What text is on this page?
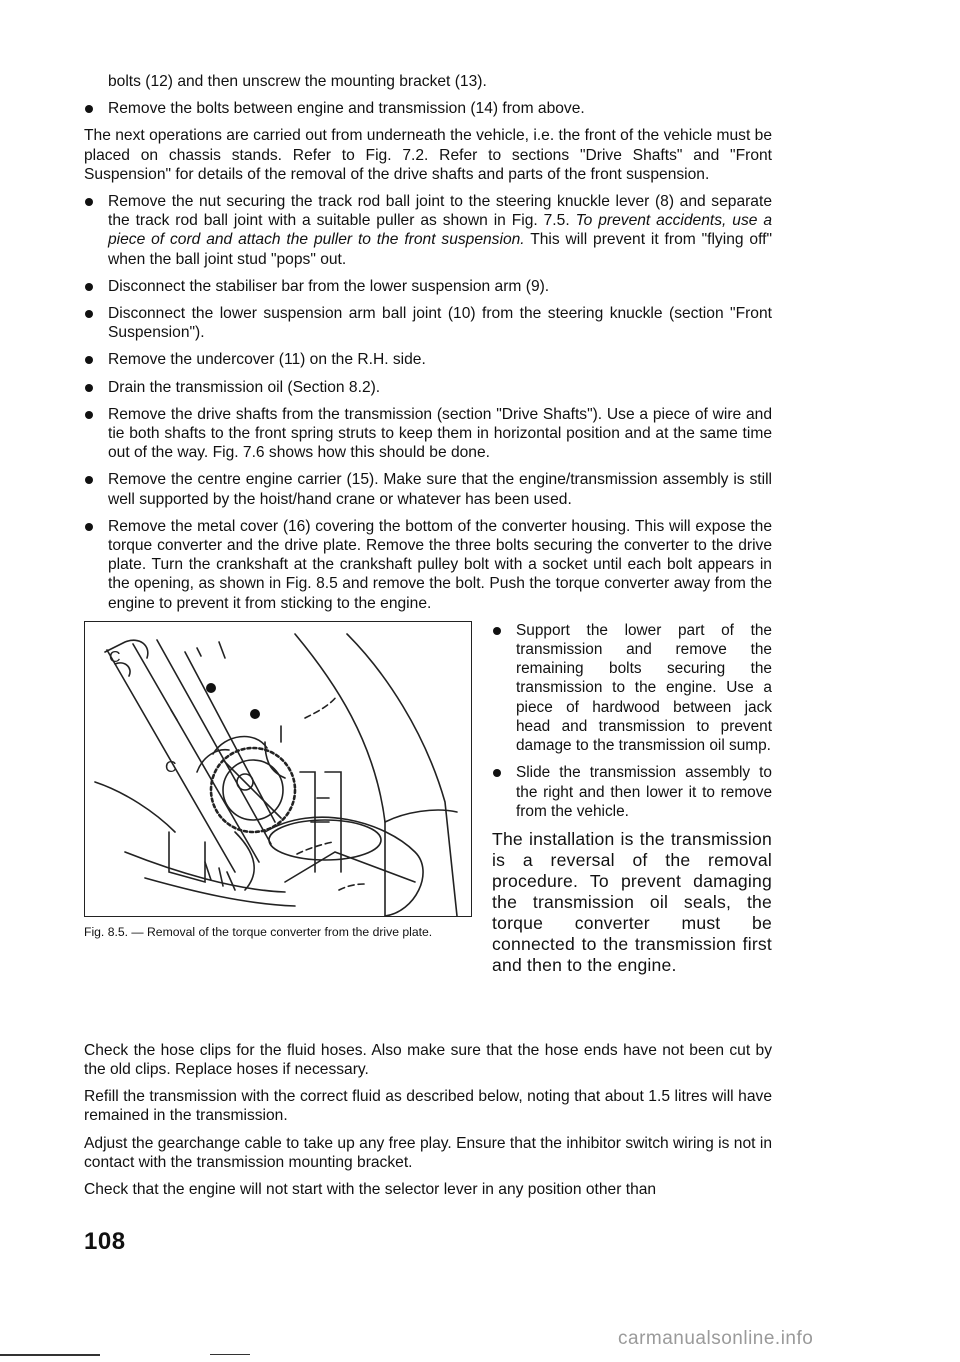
bolts (12) and then unscrew the mounting bracket (13).

Remove the bolts between engine and transmission (14) from above.

The next operations are carried out from underneath the vehicle, i.e. the front of the vehicle must be placed on chassis stands. Refer to Fig. 7.2. Refer to sections "Drive Shafts" and "Front Suspension" for details of the removal of the drive shafts and parts of the front suspension.

Remove the nut securing the track rod ball joint to the steering knuckle lever (8) and separate the track rod ball joint with a suitable puller as shown in Fig. 7.5. To prevent accidents, use a piece of cord and attach the puller to the front suspension. This will prevent it from "flying off" when the ball joint stud "pops" out.
Disconnect the stabiliser bar from the lower suspension arm (9).
Disconnect the lower suspension arm ball joint (10) from the steering knuckle (section "Front Suspension").
Remove the undercover (11) on the R.H. side.
Drain the transmission oil (Section 8.2).
Remove the drive shafts from the transmission (section "Drive Shafts"). Use a piece of wire and tie both shafts to the front spring struts to keep them in horizontal position and at the same time out of the way. Fig. 7.6 shows how this should be done.
Remove the centre engine carrier (15). Make sure that the engine/transmission assembly is still well supported by the hoist/hand crane or whatever has been used.
Remove the metal cover (16) covering the bottom of the converter housing. This will expose the torque converter and the drive plate. Remove the three bolts securing the converter to the drive plate. Turn the crankshaft at the crankshaft pulley bolt with a socket until each bolt appears in the opening, as shown in Fig. 8.5 and remove the bolt. Push the torque converter away from the engine to prevent it from sticking to the engine.
C
C

Fig. 8.5. — Removal of the torque converter from the drive plate.

Support the lower part of the transmission and remove the remaining bolts securing the transmission to the engine. Use a piece of hardwood between jack head and transmission to prevent damage to the transmission oil sump.
Slide the transmission assembly to the right and then lower it to remove from the vehicle.

The installation is the transmission is a reversal of the removal procedure. To prevent damaging the transmission oil seals, the torque converter must be connected to the transmission first and then to the engine.

Check the hose clips for the fluid hoses. Also make sure that the hose ends have not been cut by the old clips. Replace hoses if necessary.

Refill the transmission with the correct fluid as described below, noting that about 1.5 litres will have remained in the transmission.

Adjust the gearchange cable to take up any free play. Ensure that the inhibitor switch wiring is not in contact with the transmission mounting bracket.

Check that the engine will not start with the selector lever in any position other than

108
carmanualsonline.info
